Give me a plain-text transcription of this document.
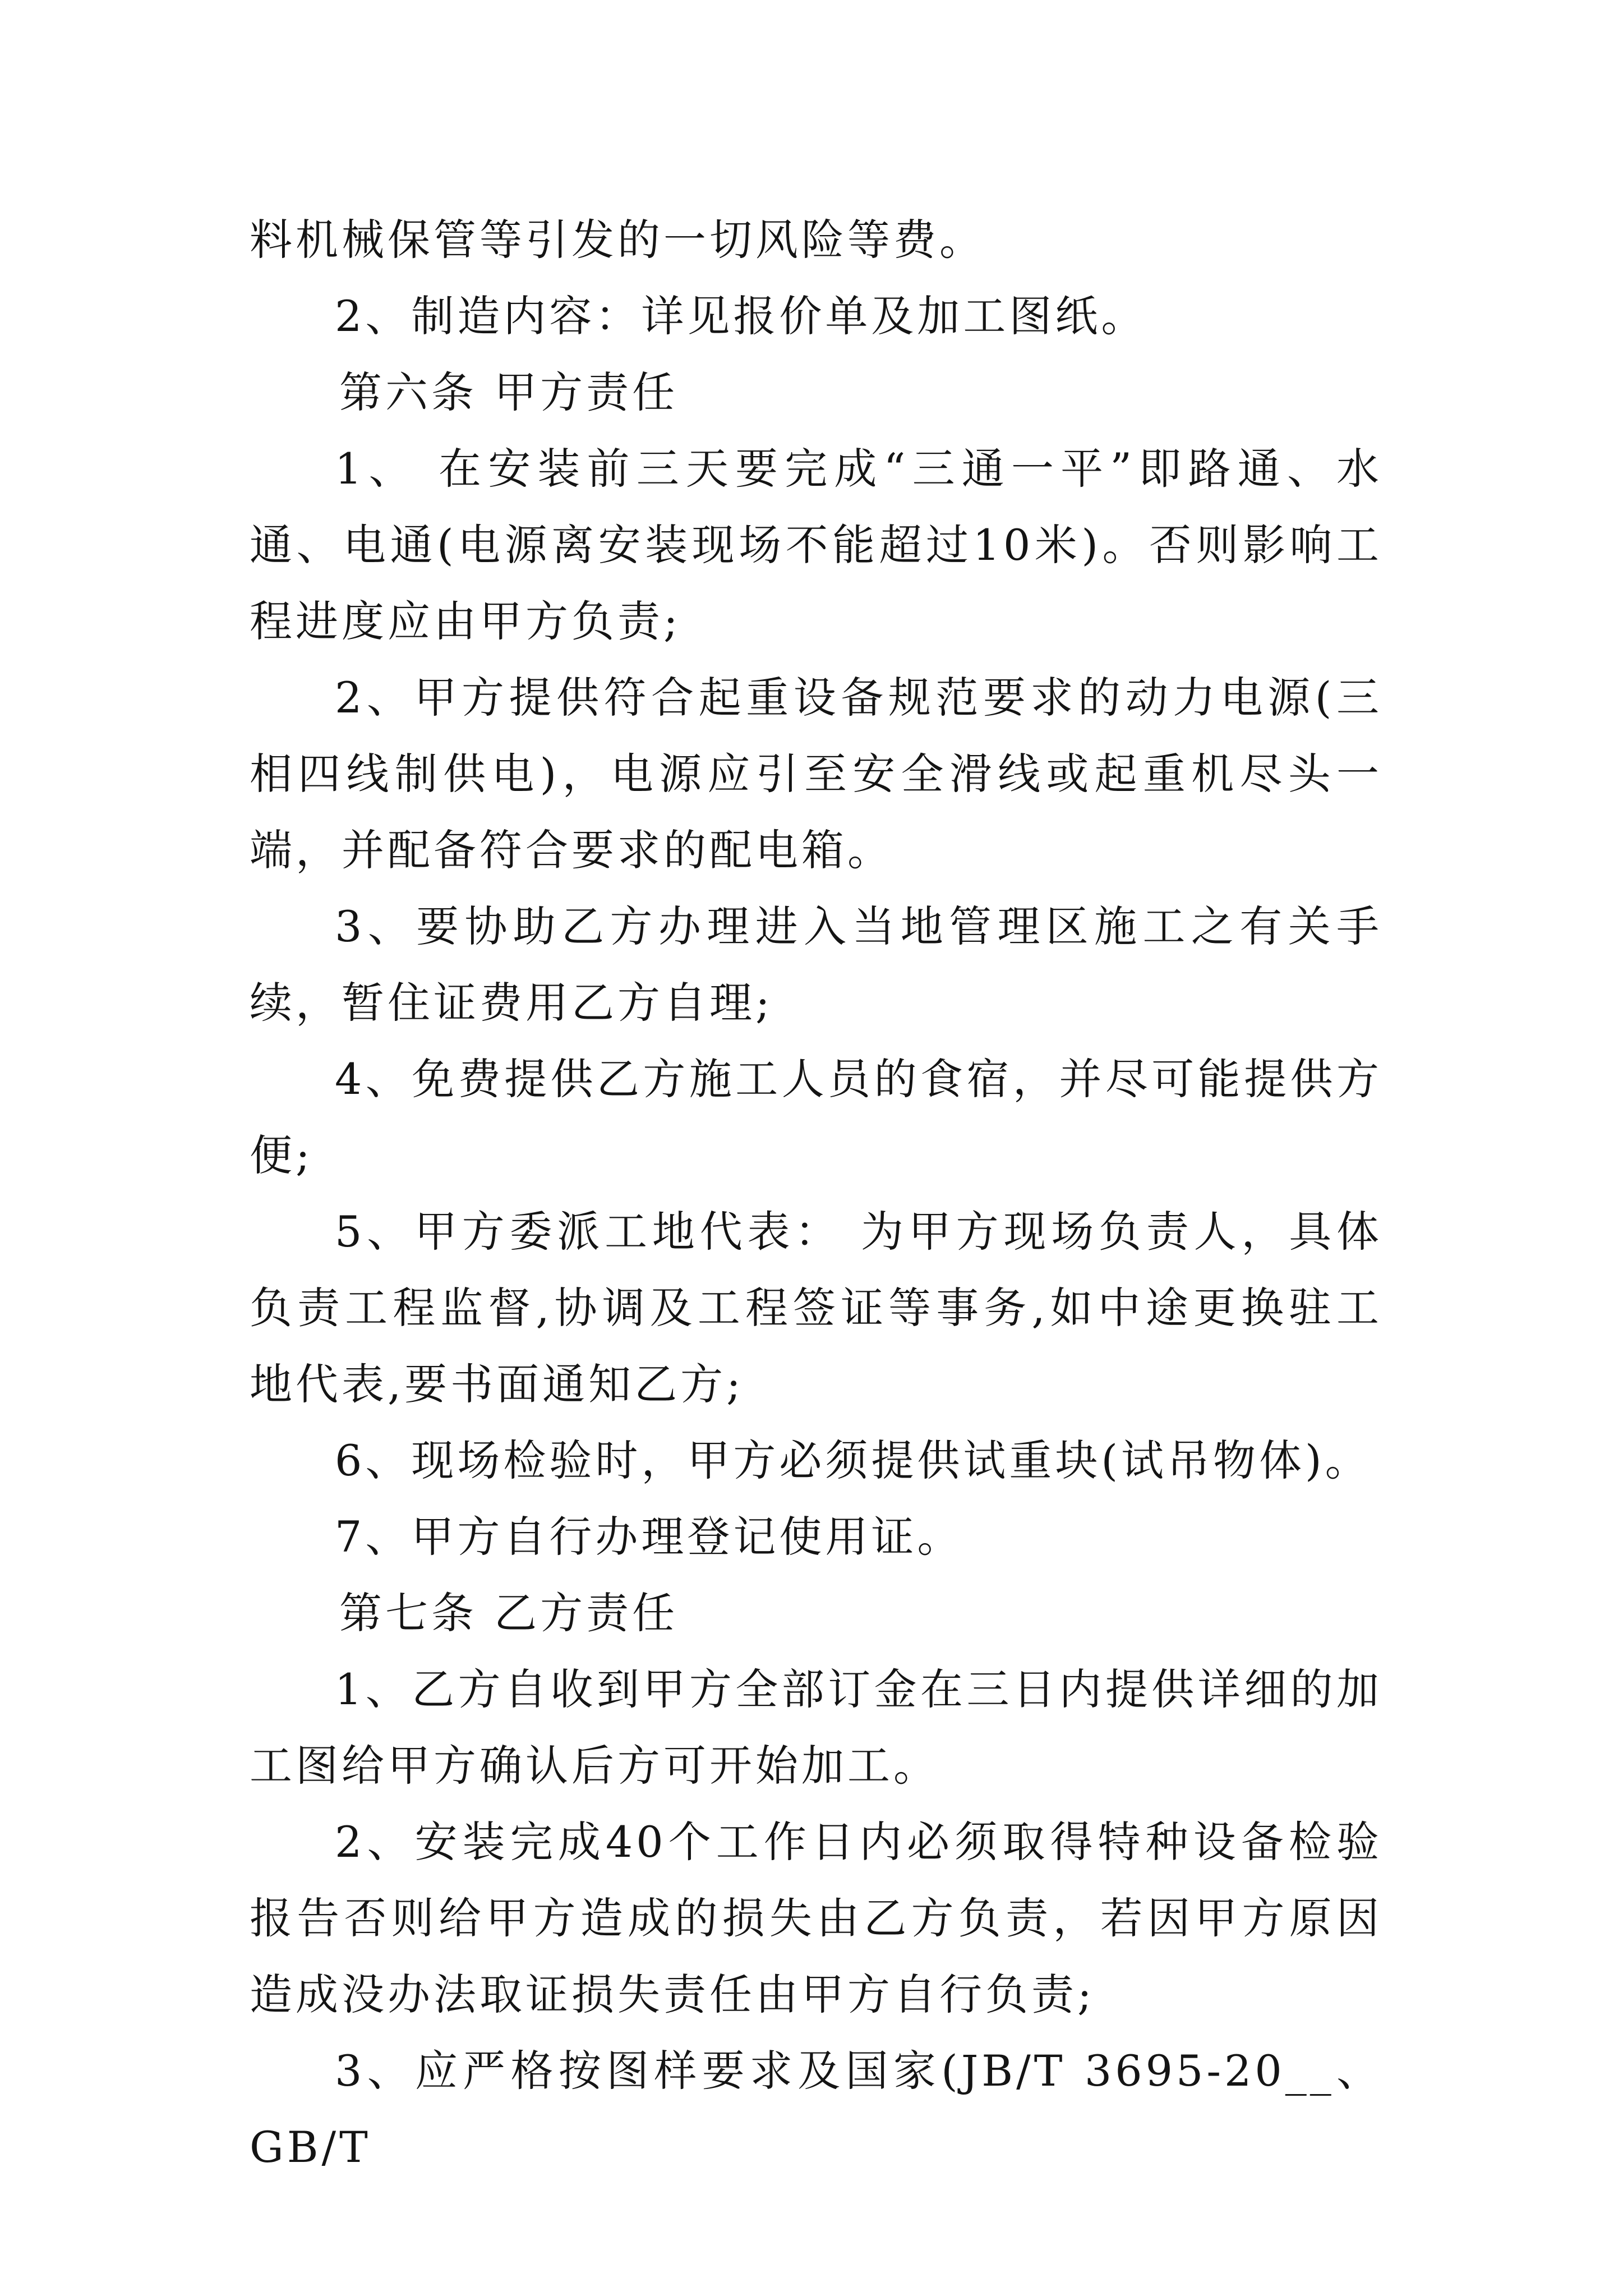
料机械保管等引发的一切风险等费。

2、制造内容：详见报价单及加工图纸。

第六条 甲方责任

1、 在安装前三天要完成“三通一平”即路通、水通、电通(电源离安装现场不能超过10米)。否则影响工程进度应由甲方负责;

2、甲方提供符合起重设备规范要求的动力电源(三相四线制供电)，电源应引至安全滑线或起重机尽头一端，并配备符合要求的配电箱。

3、要协助乙方办理进入当地管理区施工之有关手续，暂住证费用乙方自理;

4、免费提供乙方施工人员的食宿，并尽可能提供方便;

5、甲方委派工地代表： 为甲方现场负责人，具体负责工程监督,协调及工程签证等事务,如中途更换驻工地代表,要书面通知乙方;

6、现场检验时，甲方必须提供试重块(试吊物体)。

7、甲方自行办理登记使用证。

第七条 乙方责任

1、乙方自收到甲方全部订金在三日内提供详细的加工图给甲方确认后方可开始加工。

2、安装完成40个工作日内必须取得特种设备检验报告否则给甲方造成的损失由乙方负责，若因甲方原因造成没办法取证损失责任由甲方自行负责;

3、应严格按图样要求及国家(JB/T 3695-20__、GB/T
